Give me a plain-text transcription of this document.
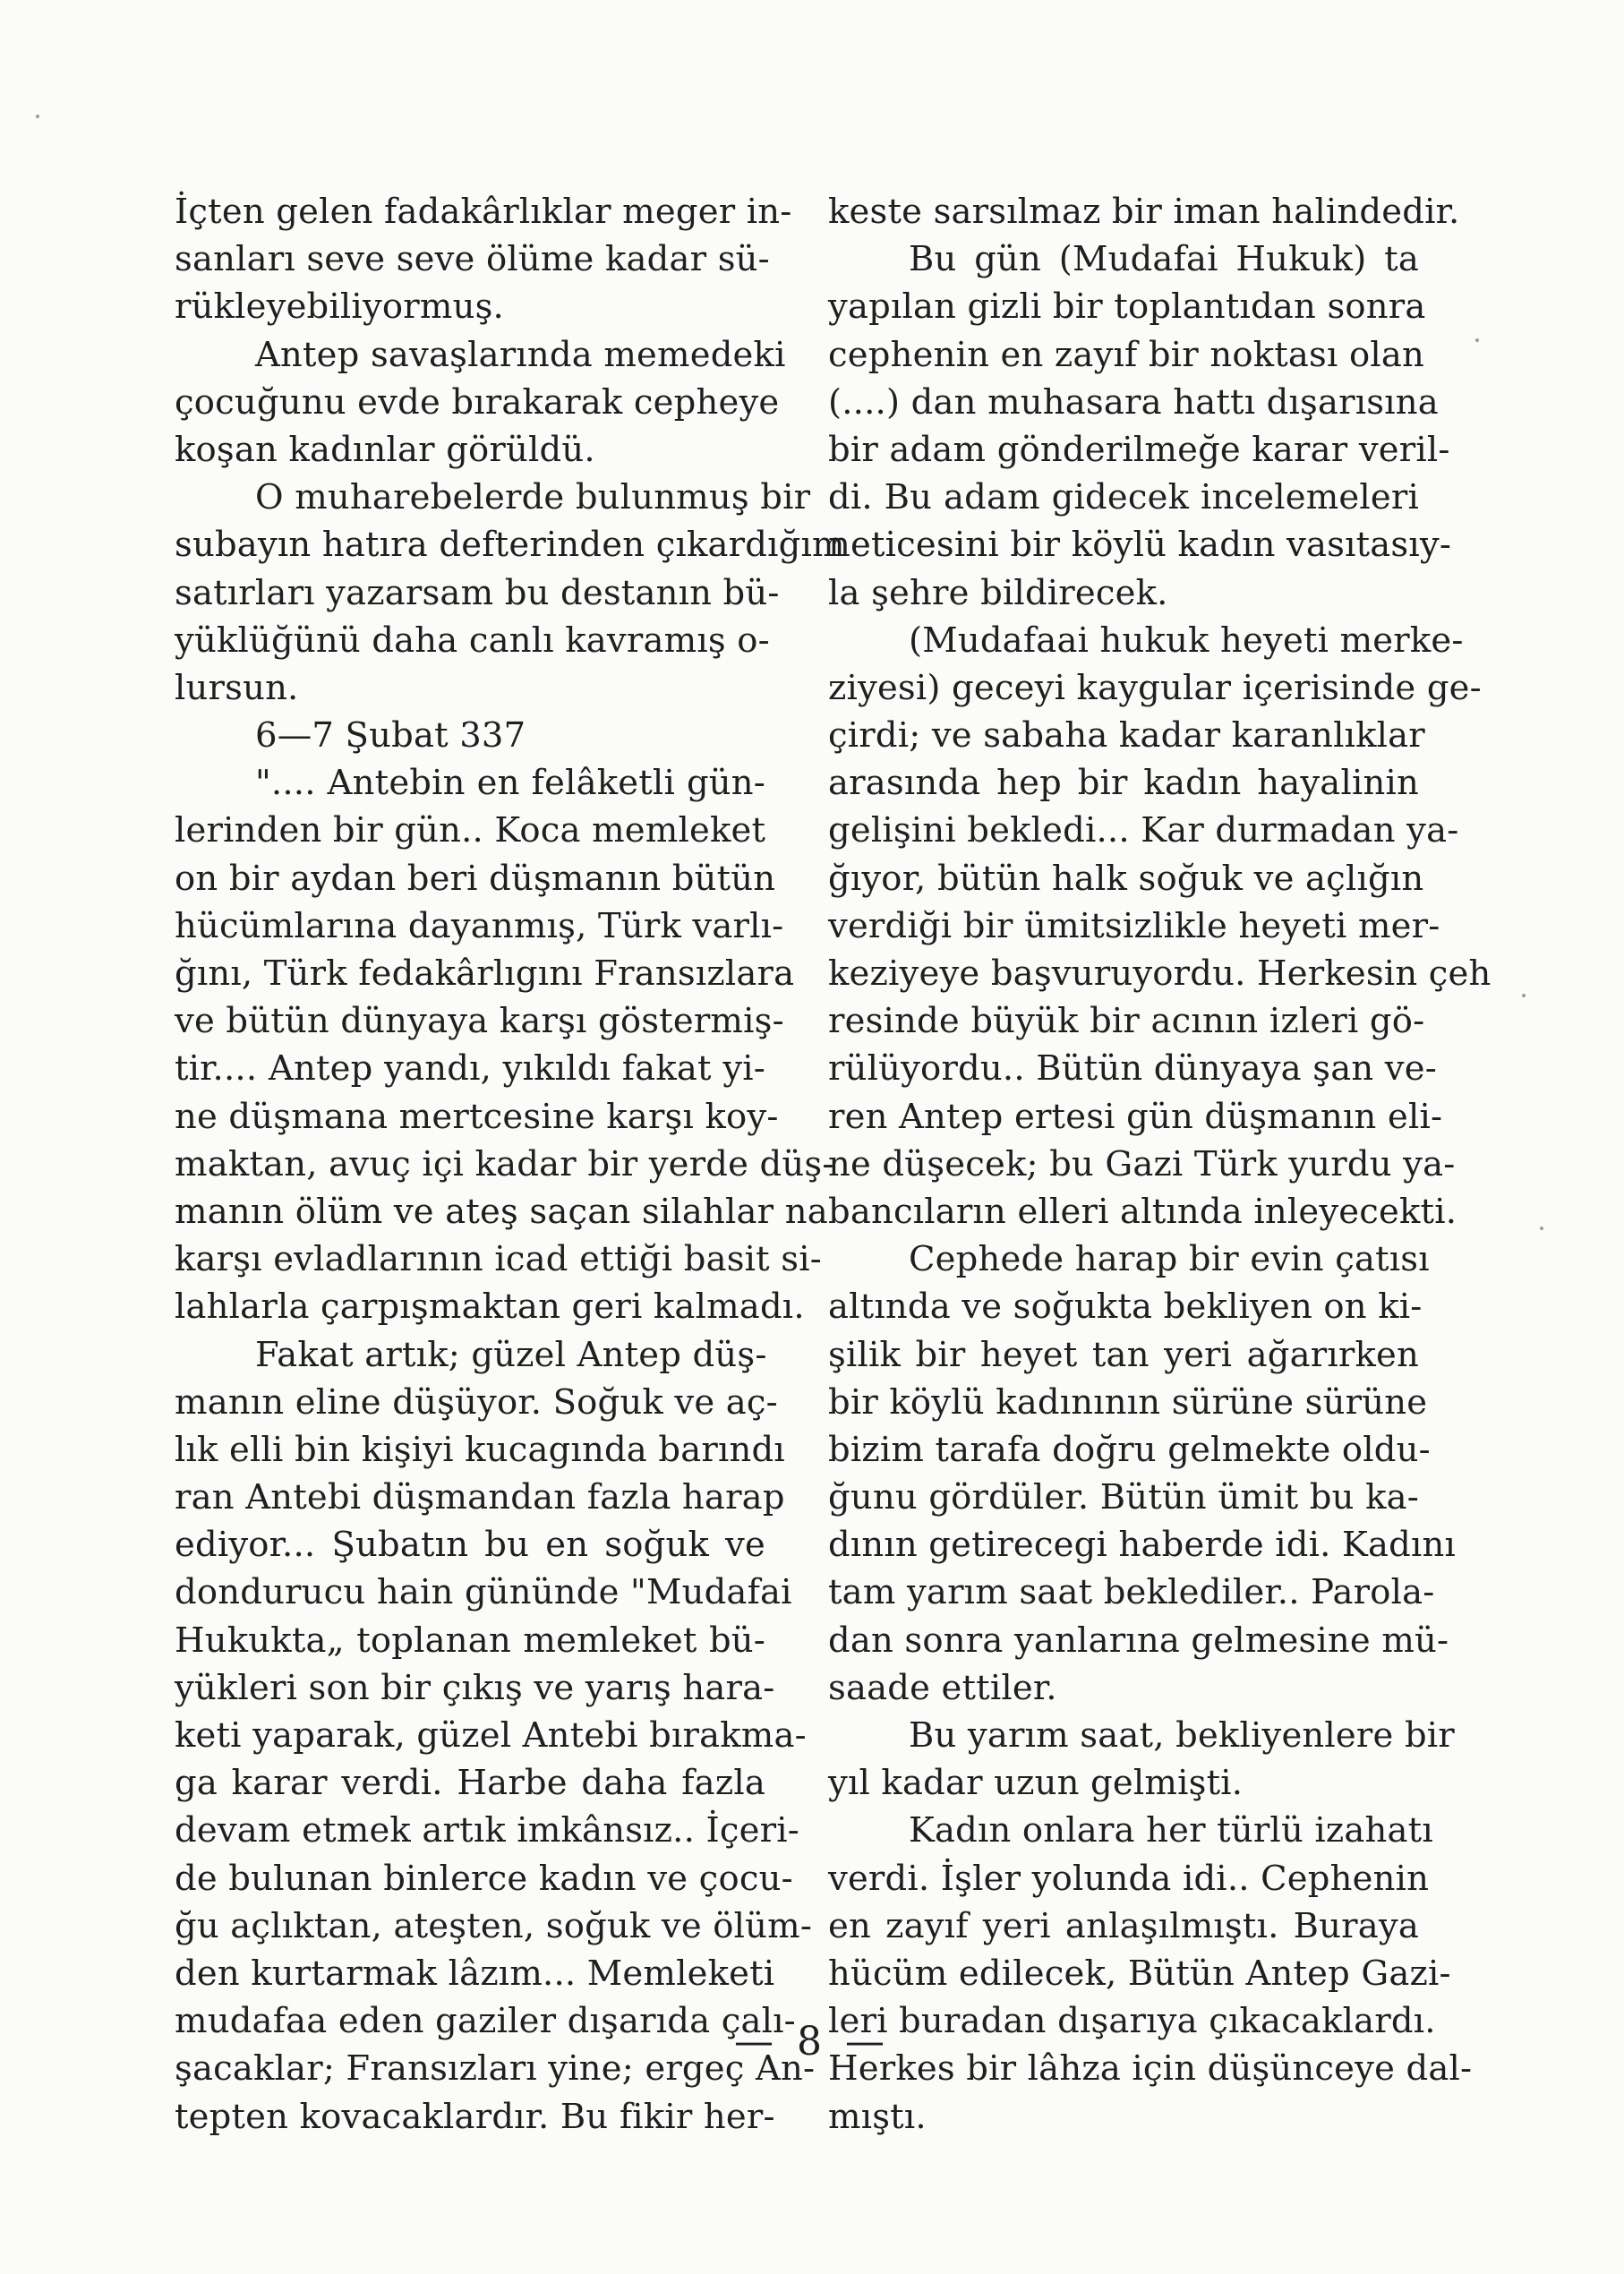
İçten gelen fadakârlıklar meger in-
sanları seve seve ölüme kadar sü-
rükleyebiliyormuş.
Antep savaşlarında memedeki
çocuğunu evde bırakarak cepheye
koşan kadınlar görüldü.
O muharebelerde bulunmuş bir
subayın hatıra defterinden çıkardığım
satırları yazarsam bu destanın bü-
yüklüğünü daha canlı kavramış o-
lursun.
6—7 Şubat 337
".... Antebin en felâketli gün-
lerinden bir gün.. Koca memleket
on bir aydan beri düşmanın bütün
hücümlarına dayanmış, Türk varlı-
ğını, Türk fedakârlıgını Fransızlara
ve bütün dünyaya karşı göstermiş-
tir.... Antep yandı, yıkıldı fakat yi-
ne düşmana mertcesine karşı koy-
maktan, avuç içi kadar bir yerde düş-
manın ölüm ve ateş saçan silahlar na
karşı evladlarının icad ettiği basit si-
lahlarla çarpışmaktan geri kalmadı.
Fakat artık; güzel Antep düş-
manın eline düşüyor. Soğuk ve aç-
lık elli bin kişiyi kucagında barındı
ran Antebi düşmandan fazla harap
ediyor... Şubatın bu en soğuk ve
dondurucu hain gününde "Mudafai
Hukukta„ toplanan memleket bü-
yükleri son bir çıkış ve yarış hara-
keti yaparak, güzel Antebi bırakma-
ga karar verdi. Harbe daha fazla
devam etmek artık imkânsız.. İçeri-
de bulunan binlerce kadın ve çocu-
ğu açlıktan, ateşten, soğuk ve ölüm-
den kurtarmak lâzım... Memleketi
mudafaa eden gaziler dışarıda çalı-
şacaklar; Fransızları yine; ergeç An-
tepten kovacaklardır. Bu fikir her-
keste sarsılmaz bir iman halindedir.
Bu gün (Mudafai Hukuk) ta
yapılan gizli bir toplantıdan sonra
cephenin en zayıf bir noktası olan
(....) dan muhasara hattı dışarısına
bir adam gönderilmeğe karar veril-
di. Bu adam gidecek incelemeleri
neticesini bir köylü kadın vasıtasıy-
la şehre bildirecek.
(Mudafaai hukuk heyeti merke-
ziyesi) geceyi kaygular içerisinde ge-
çirdi; ve sabaha kadar karanlıklar
arasında hep bir kadın hayalinin
gelişini bekledi... Kar durmadan ya-
ğıyor, bütün halk soğuk ve açlığın
verdiği bir ümitsizlikle heyeti mer-
keziyeye başvuruyordu. Herkesin çeh
resinde büyük bir acının izleri gö-
rülüyordu.. Bütün dünyaya şan ve-
ren Antep ertesi gün düşmanın eli-
ne düşecek; bu Gazi Türk yurdu ya-
bancıların elleri altında inleyecekti.
Cephede harap bir evin çatısı
altında ve soğukta bekliyen on ki-
şilik bir heyet tan yeri ağarırken
bir köylü kadınının sürüne sürüne
bizim tarafa doğru gelmekte oldu-
ğunu gördüler. Bütün ümit bu ka-
dının getirecegi haberde idi. Kadını
tam yarım saat beklediler.. Parola-
dan sonra yanlarına gelmesine mü-
saade ettiler.
Bu yarım saat, bekliyenlere bir
yıl kadar uzun gelmişti.
Kadın onlara her türlü izahatı
verdi. İşler yolunda idi.. Cephenin
en zayıf yeri anlaşılmıştı. Buraya
hücüm edilecek, Bütün Antep Gazi-
leri buradan dışarıya çıkacaklardı.
Herkes bir lâhza için düşünceye dal-
mıştı.
— 8 —
